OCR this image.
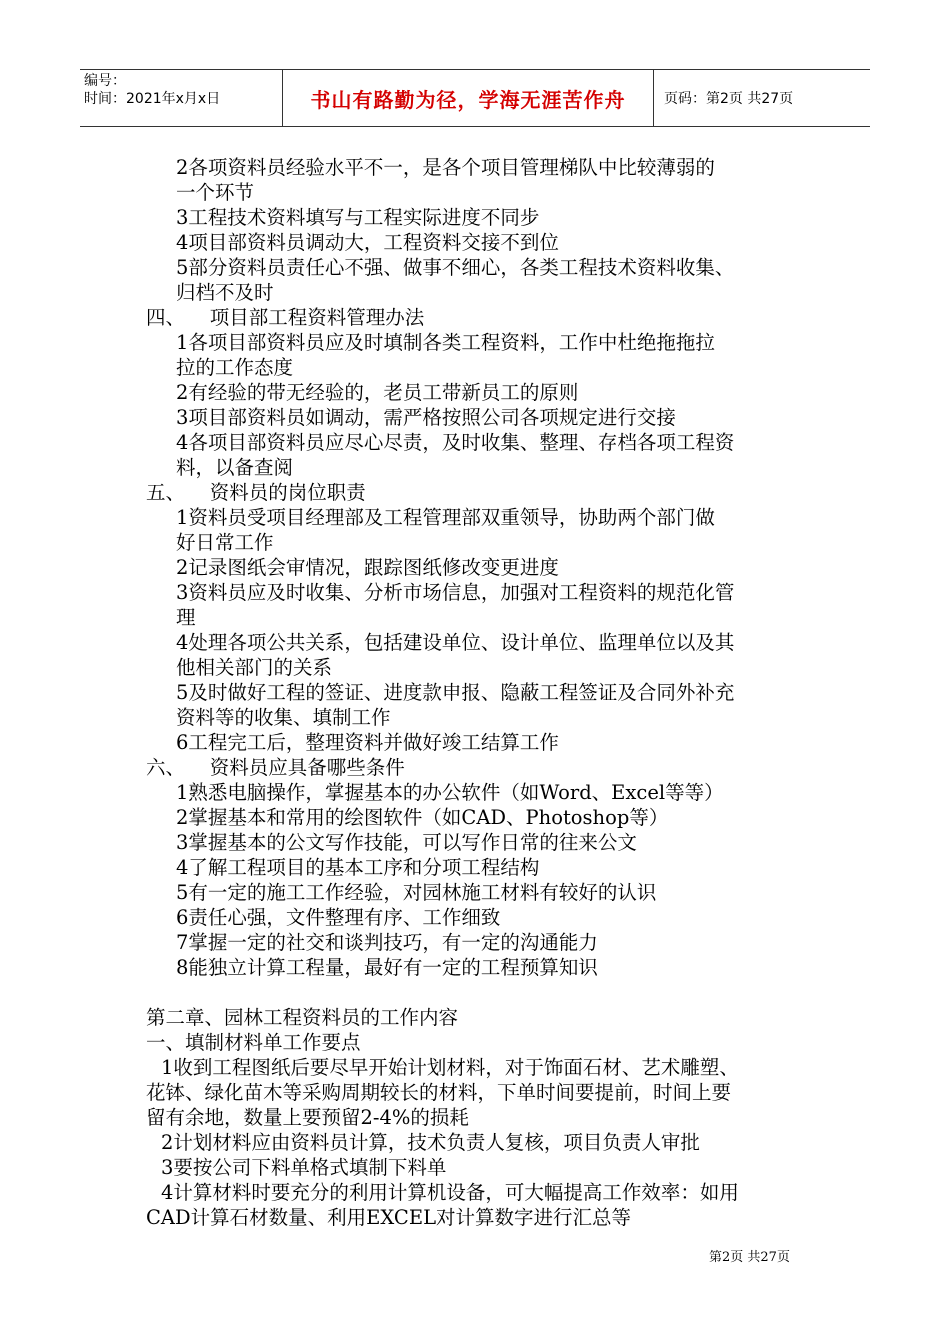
编号：
时间：2021年x月x日	书山有路勤为径，学海无涯苦作舟	页码：第2页 共27页
2各项资料员经验水平不一，是各个项目管理梯队中比较薄弱的
一个环节
3工程技术资料填写与工程实际进度不同步
4项目部资料员调动大，工程资料交接不到位
5部分资料员责任心不强、做事不细心，各类工程技术资料收集、
归档不及时
四、    项目部工程资料管理办法
1各项目部资料员应及时填制各类工程资料，工作中杜绝拖拖拉
拉的工作态度
2有经验的带无经验的，老员工带新员工的原则
3项目部资料员如调动，需严格按照公司各项规定进行交接
4各项目部资料员应尽心尽责，及时收集、整理、存档各项工程资
料，以备查阅
五、    资料员的岗位职责
1资料员受项目经理部及工程管理部双重领导，协助两个部门做
好日常工作
2记录图纸会审情况，跟踪图纸修改变更进度
3资料员应及时收集、分析市场信息，加强对工程资料的规范化管
理
4处理各项公共关系，包括建设单位、设计单位、监理单位以及其
他相关部门的关系
5及时做好工程的签证、进度款申报、隐蔽工程签证及合同外补充
资料等的收集、填制工作
6工程完工后，整理资料并做好竣工结算工作
六、    资料员应具备哪些条件
1熟悉电脑操作，掌握基本的办公软件（如Word、Excel等等）
2掌握基本和常用的绘图软件（如CAD、Photoshop等）
3掌握基本的公文写作技能，可以写作日常的往来公文
4了解工程项目的基本工序和分项工程结构
5有一定的施工工作经验，对园林施工材料有较好的认识
6责任心强，文件整理有序、工作细致
7掌握一定的社交和谈判技巧，有一定的沟通能力
8能独立计算工程量，最好有一定的工程预算知识
第二章、园林工程资料员的工作内容
一、填制材料单工作要点
1收到工程图纸后要尽早开始计划材料，对于饰面石材、艺术雕塑、
花钵、绿化苗木等采购周期较长的材料，下单时间要提前，时间上要
留有余地，数量上要预留2-4%的损耗
2计划材料应由资料员计算，技术负责人复核，项目负责人审批
3要按公司下料单格式填制下料单
4计算材料时要充分的利用计算机设备，可大幅提高工作效率：如用
CAD计算石材数量、利用EXCEL对计算数字进行汇总等
第2页 共27页
